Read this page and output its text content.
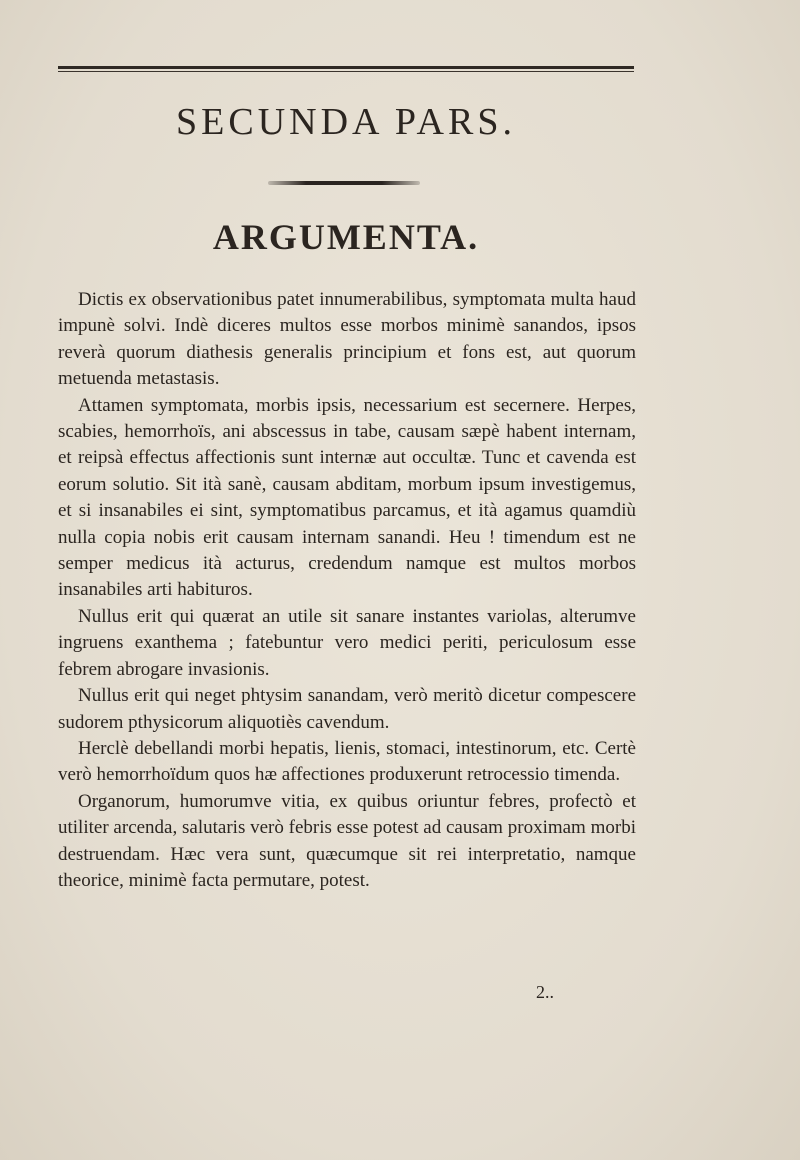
SECUNDA PARS.
ARGUMENTA.

Dictis ex observationibus patet innumerabilibus, symptomata multa haud impunè solvi. Indè diceres multos esse morbos minimè sanandos, ipsos reverà quorum diathesis generalis principium et fons est, aut quorum metuenda metastasis.

Attamen symptomata, morbis ipsis, necessarium est secernere. Herpes, scabies, hemorrhoïs, ani abscessus in tabe, causam sæpè habent internam, et reipsà effectus affectionis sunt internæ aut occultæ. Tunc et cavenda est eorum solutio. Sit ità sanè, causam abditam, morbum ipsum investigemus, et si insanabiles ei sint, symptomatibus parcamus, et ità agamus quamdiù nulla copia nobis erit causam internam sanandi. Heu ! timendum est ne semper medicus ità acturus, credendum namque est multos morbos insanabiles arti habituros.

Nullus erit qui quærat an utile sit sanare instantes variolas, alterumve ingruens exanthema ; fatebuntur vero medici periti, periculosum esse febrem abrogare invasionis.

Nullus erit qui neget phtysim sanandam, verò meritò dicetur compescere sudorem pthysicorum aliquotiès cavendum.

Herclè debellandi morbi hepatis, lienis, stomaci, intestinorum, etc. Certè verò hemorrhoïdum quos hæ affectiones produxerunt retrocessio timenda.

Organorum, humorumve vitia, ex quibus oriuntur febres, profectò et utiliter arcenda, salutaris verò febris esse potest ad causam proximam morbi destruendam. Hæc vera sunt, quæcumque sit rei interpretatio, namque theorice, minimè facta permutare, potest.

2..
